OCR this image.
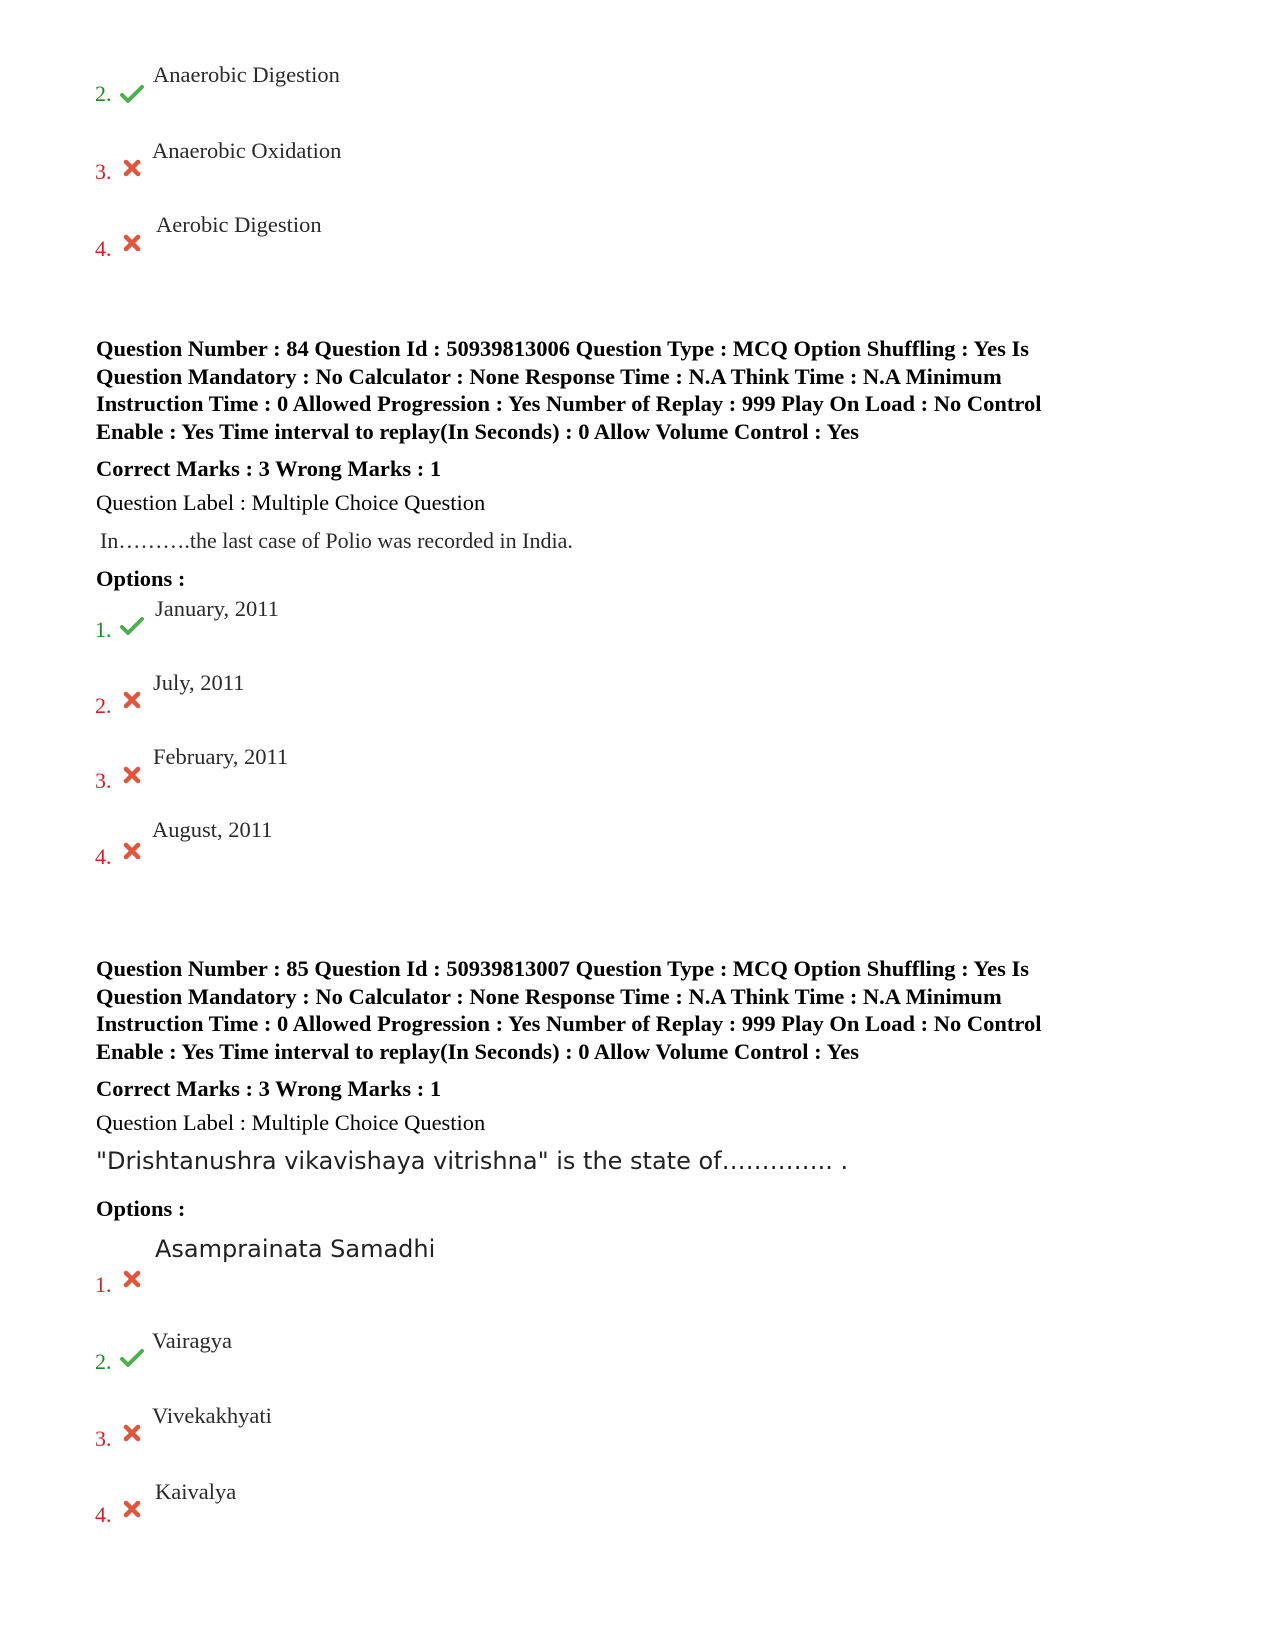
2.
Anaerobic Digestion
3.
Anaerobic Oxidation
4.
Aerobic Digestion
Question Number : 84 Question Id : 50939813006 Question Type : MCQ Option Shuffling : Yes Is
Question Mandatory : No Calculator : None Response Time : N.A Think Time : N.A Minimum
Instruction Time : 0 Allowed Progression : Yes Number of Replay : 999 Play On Load : No Control
Enable : Yes Time interval to replay(In Seconds) : 0 Allow Volume Control : Yes
Correct Marks : 3 Wrong Marks : 1
Question Label : Multiple Choice Question
In……….the last case of Polio was recorded in India.
Options :
1.
January, 2011
2.
July, 2011
3.
February, 2011
4.
August, 2011
Question Number : 85 Question Id : 50939813007 Question Type : MCQ Option Shuffling : Yes Is
Question Mandatory : No Calculator : None Response Time : N.A Think Time : N.A Minimum
Instruction Time : 0 Allowed Progression : Yes Number of Replay : 999 Play On Load : No Control
Enable : Yes Time interval to replay(In Seconds) : 0 Allow Volume Control : Yes
Correct Marks : 3 Wrong Marks : 1
Question Label : Multiple Choice Question
"Drishtanushra vikavishaya vitrishna" is the state of………….. .
Options :
1.
Asamprainata Samadhi
2.
Vairagya
3.
Vivekakhyati
4.
Kaivalya
